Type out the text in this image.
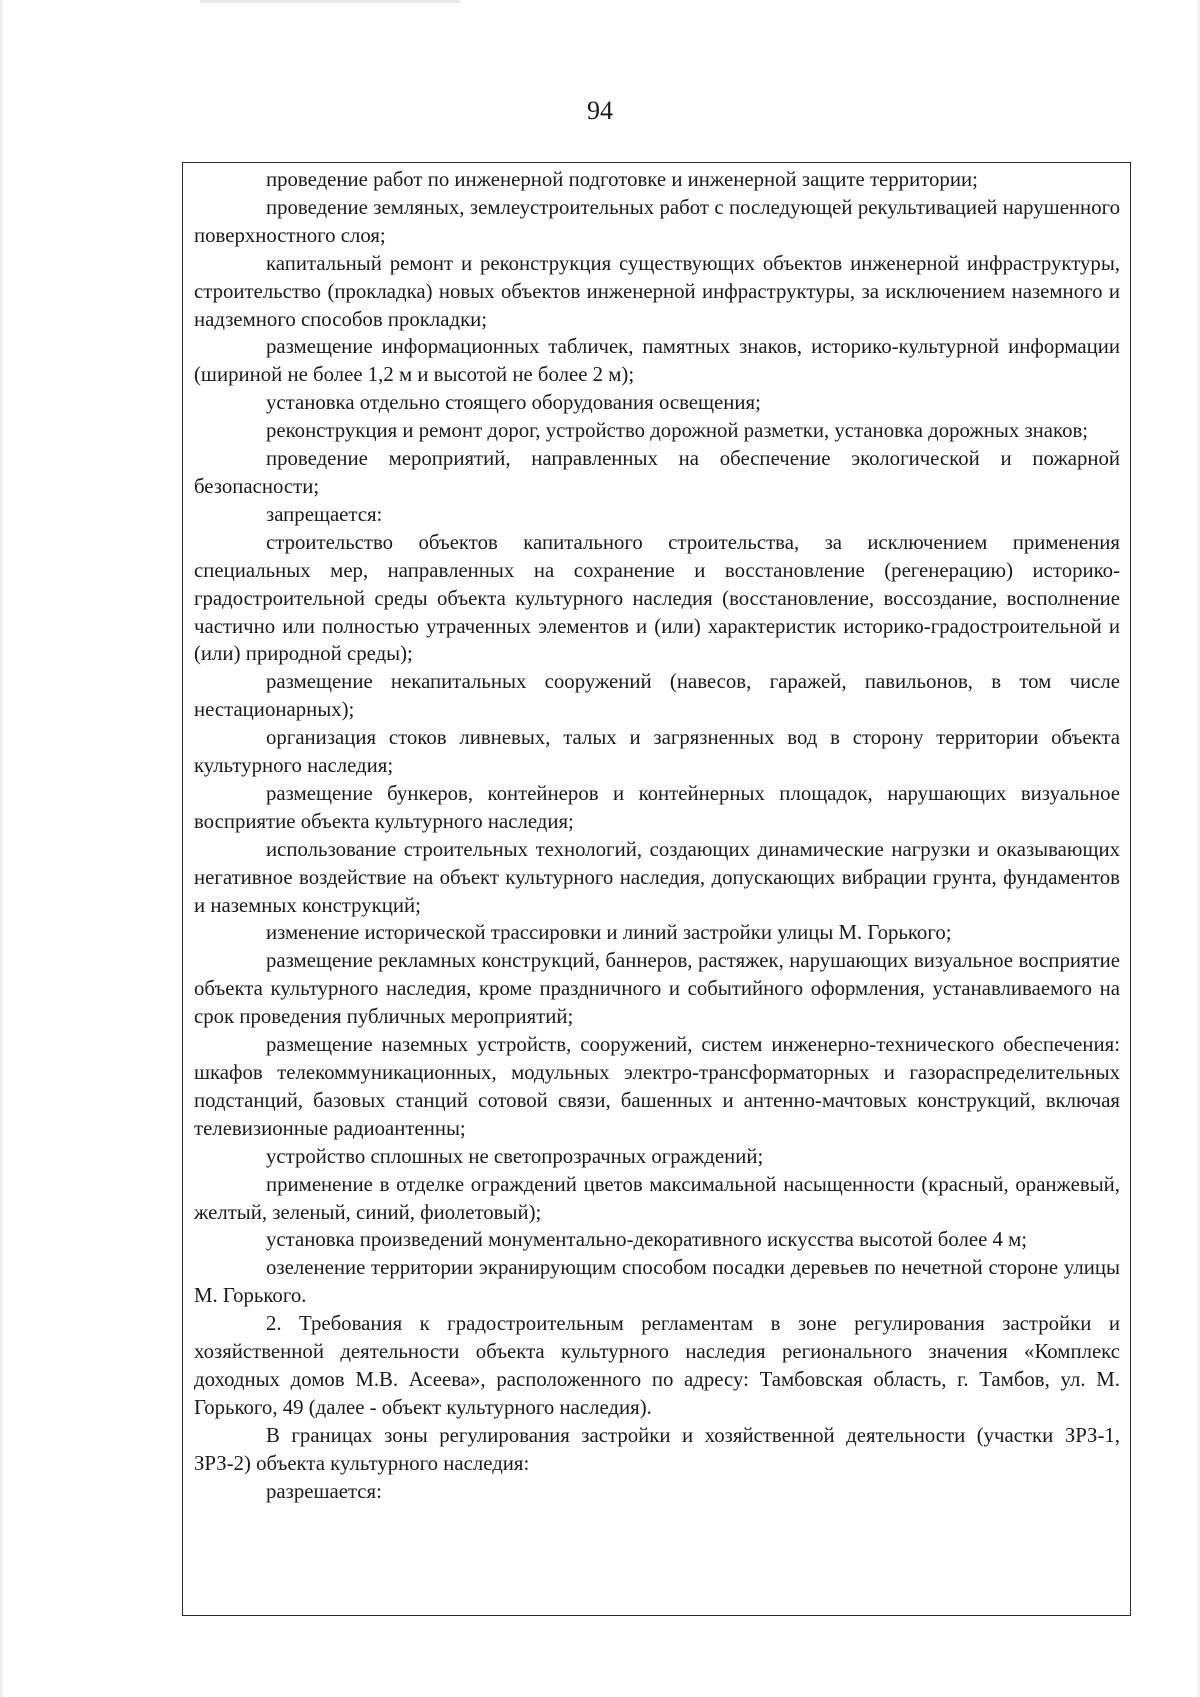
94

проведение работ по инженерной подготовке и инженерной защите территории;

проведение земляных, землеустроительных работ с последующей рекультивацией нарушенного поверхностного слоя;

капитальный ремонт и реконструкция существующих объектов инженерной инфраструктуры, строительство (прокладка) новых объектов инженерной инфраструктуры, за исключением наземного и надземного способов прокладки;

размещение информационных табличек, памятных знаков, историко-культурной информации (шириной не более 1,2 м и высотой не более 2 м);

установка отдельно стоящего оборудования освещения;

реконструкция и ремонт дорог, устройство дорожной разметки, установка дорожных знаков;

проведение мероприятий, направленных на обеспечение экологической и пожарной безопасности;

запрещается:

строительство объектов капитального строительства, за исключением применения специальных мер, направленных на сохранение и восстановление (регенерацию) историко-градостроительной среды объекта культурного наследия (восстановление, воссоздание, восполнение частично или полностью утраченных элементов и (или) характеристик историко-градостроительной и (или) природной среды);

размещение некапитальных сооружений (навесов, гаражей, павильонов, в том числе нестационарных);

организация стоков ливневых, талых и загрязненных вод в сторону территории объекта культурного наследия;

размещение бункеров, контейнеров и контейнерных площадок, нарушающих визуальное восприятие объекта культурного наследия;

использование строительных технологий, создающих динамические нагрузки и оказывающих негативное воздействие на объект культурного наследия, допускающих вибрации грунта, фундаментов и наземных конструкций;

изменение исторической трассировки и линий застройки улицы М. Горького;

размещение рекламных конструкций, баннеров, растяжек, нарушающих визуальное восприятие объекта культурного наследия, кроме праздничного и событийного оформления, устанавливаемого на срок проведения публичных мероприятий;

размещение наземных устройств, сооружений, систем инженерно-технического обеспечения: шкафов телекоммуникационных, модульных электро-трансформаторных и газораспределительных подстанций, базовых станций сотовой связи, башенных и антенно-мачтовых конструкций, включая телевизионные радиоантенны;

устройство сплошных не светопрозрачных ограждений;

применение в отделке ограждений цветов максимальной насыщенности (красный, оранжевый, желтый, зеленый, синий, фиолетовый);

установка произведений монументально-декоративного искусства высотой более 4 м;

озеленение территории экранирующим способом посадки деревьев по нечетной стороне улицы М. Горького.

2. Требования к градостроительным регламентам в зоне регулирования застройки и хозяйственной деятельности объекта культурного наследия регионального значения «Комплекс доходных домов М.В. Асеева», расположенного по адресу: Тамбовская область, г. Тамбов, ул. М. Горького, 49 (далее - объект культурного наследия).

В границах зоны регулирования застройки и хозяйственной деятельности (участки ЗРЗ-1, ЗРЗ-2) объекта культурного наследия:

разрешается:
